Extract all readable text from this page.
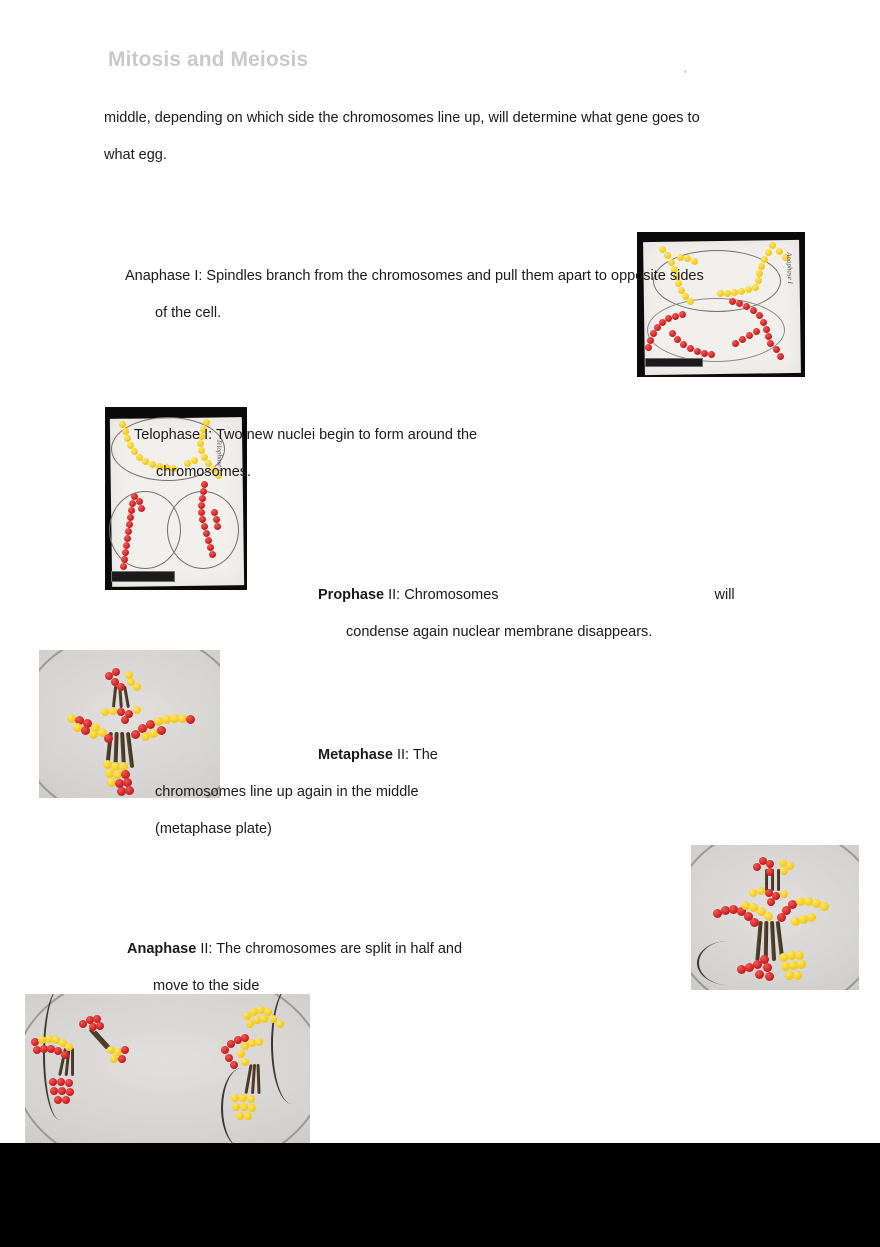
Mitosis and Meiosis
Anaphase I
Telophase I
middle, depending on which side the chromosomes line up, will determine what gene goes to
what egg.
Anaphase I: Spindles branch from the chromosomes and pull them apart to opposite sides
of the cell.
Telophase I: Two new nuclei begin to form around the
chromosomes.
Prophase II: Chromosomes	will
condense again nuclear membrane disappears.
Metaphase II: The
chromosomes line up again in the middle
(metaphase plate)
Anaphase II: The chromosomes are split in half and
move to the side
